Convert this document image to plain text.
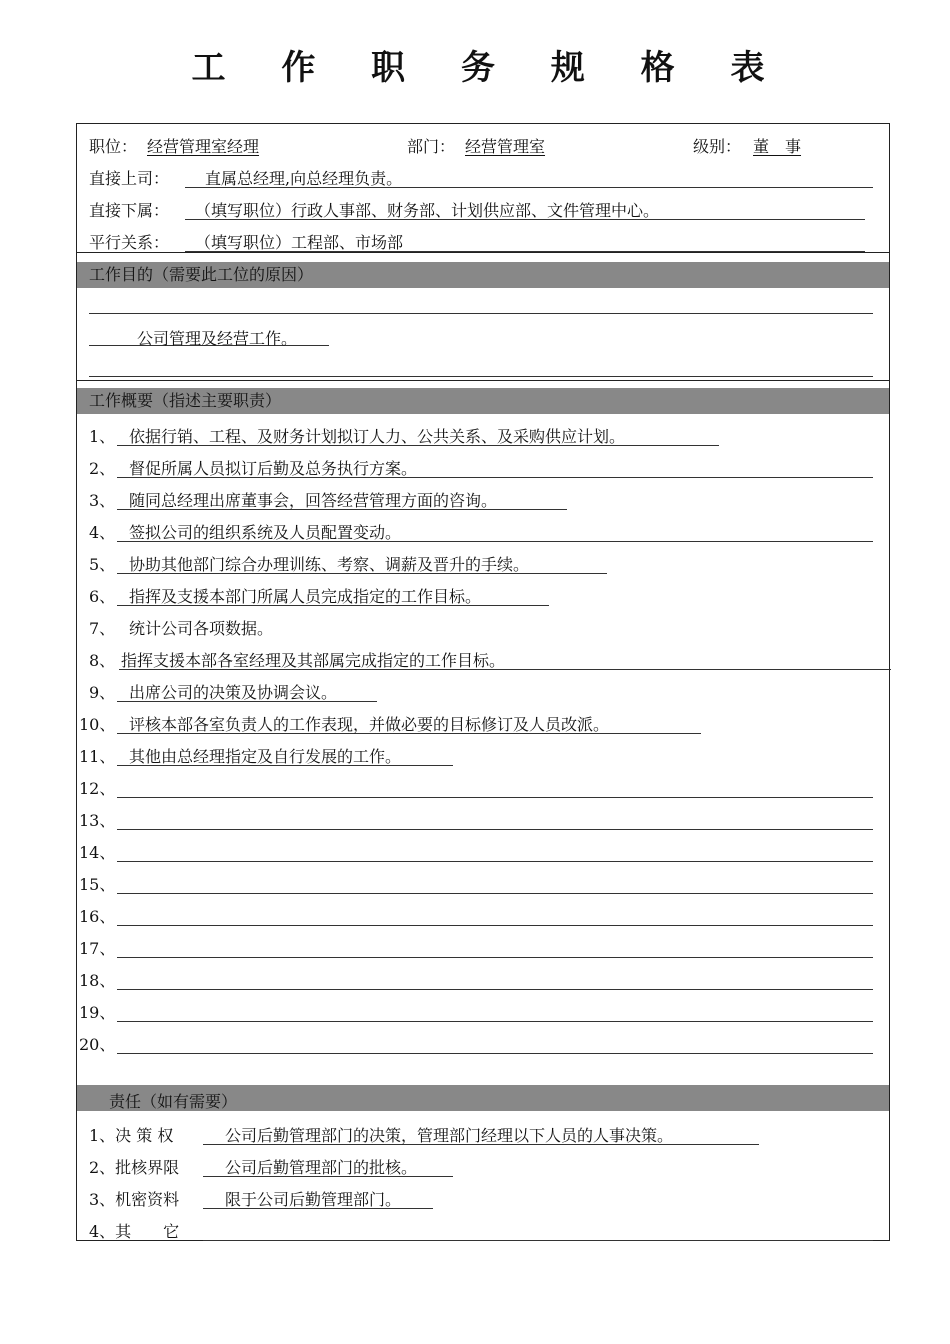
工 作 职 务 规 格 表
职位： 经营管理室经理	部门： 经营管理室	级别： 董　事
直接上司： 直属总经理,向总经理负责。
直接下属： （填写职位）行政人事部、财务部、计划供应部、文件管理中心。
平行关系： （填写职位）工程部、市场部
工作目的（需要此工位的原因）
公司管理及经营工作。
工作概要（指述主要职责）
1、 依据行销、工程、及财务计划拟订人力、公共关系、及采购供应计划。
2、 督促所属人员拟订后勤及总务执行方案。
3、 随同总经理出席董事会，回答经营管理方面的咨询。
4、 签拟公司的组织系统及人员配置变动。
5、 协助其他部门综合办理训练、考察、调薪及晋升的手续。
6、 指挥及支援本部门所属人员完成指定的工作目标。
7、 统计公司各项数据。
8、 指挥支援本部各室经理及其部属完成指定的工作目标。
9、 出席公司的决策及协调会议。
10、 评核本部各室负责人的工作表现，并做必要的目标修订及人员改派。
11、 其他由总经理指定及自行发展的工作。
12、
13、
14、
15、
16、
17、
18、
19、
20、
责任（如有需要）
1、决 策 权	公司后勤管理部门的决策，管理部门经理以下人员的人事决策。
2、批核界限	公司后勤管理部门的批核。
3、机密资料	限于公司后勤管理部门。
4、其　　它
